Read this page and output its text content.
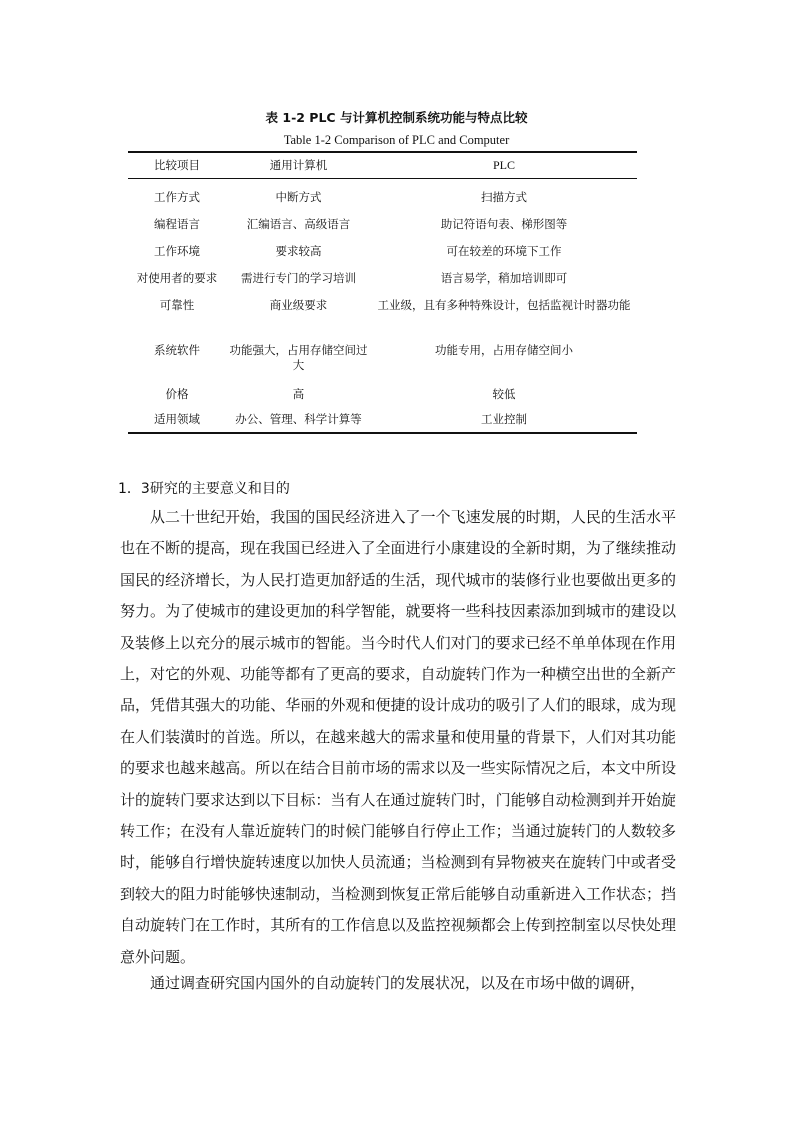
表 1-2 PLC 与计算机控制系统功能与特点比较
Table 1-2 Comparison of PLC and Computer
比较项目	通用计算机	PLC
工作方式	中断方式	扫描方式
编程语言	汇编语言、高级语言	助记符语句表、梯形图等
工作环境	要求较高	可在较差的环境下工作
对使用者的要求	需进行专门的学习培训	语言易学，稍加培训即可
可靠性	商业级要求	工业级，且有多种特殊设计，包括监视计时器功能
系统软件	功能强大，占用存储空间过大	功能专用，占用存储空间小
价格	高	较低
适用领域	办公、管理、科学计算等	工业控制
1．3研究的主要意义和目的

从二十世纪开始，我国的国民经济进入了一个飞速发展的时期，人民的生活水平也在不断的提高，现在我国已经进入了全面进行小康建设的全新时期，为了继续推动国民的经济增长，为人民打造更加舒适的生活，现代城市的装修行业也要做出更多的努力。为了使城市的建设更加的科学智能，就要将一些科技因素添加到城市的建设以及装修上以充分的展示城市的智能。当今时代人们对门的要求已经不单单体现在作用上，对它的外观、功能等都有了更高的要求，自动旋转门作为一种横空出世的全新产品，凭借其强大的功能、华丽的外观和便捷的设计成功的吸引了人们的眼球，成为现在人们装潢时的首选。所以，在越来越大的需求量和使用量的背景下，人们对其功能的要求也越来越高。所以在结合目前市场的需求以及一些实际情况之后，本文中所设计的旋转门要求达到以下目标：当有人在通过旋转门时，门能够自动检测到并开始旋转工作；在没有人靠近旋转门的时候门能够自行停止工作；当通过旋转门的人数较多时，能够自行增快旋转速度以加快人员流通；当检测到有异物被夹在旋转门中或者受到较大的阻力时能够快速制动，当检测到恢复正常后能够自动重新进入工作状态；挡自动旋转门在工作时，其所有的工作信息以及监控视频都会上传到控制室以尽快处理意外问题。

通过调查研究国内国外的自动旋转门的发展状况，以及在市场中做的调研，
